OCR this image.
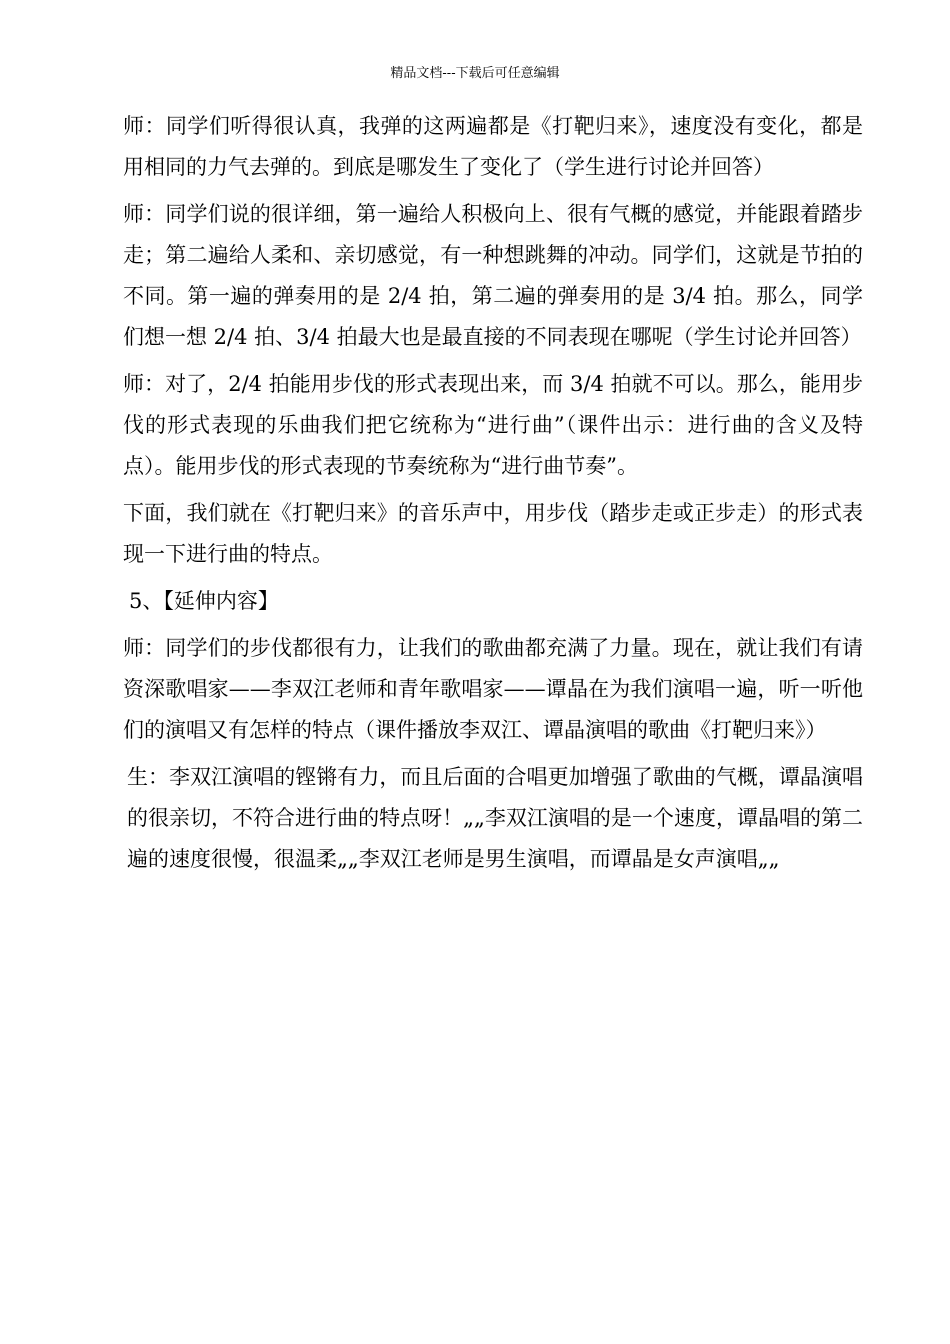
精品文档---下载后可任意编辑

师：同学们听得很认真，我弹的这两遍都是《打靶归来》，速度没有变化，都是用相同的力气去弹的。到底是哪发生了变化了（学生进行讨论并回答）

师：同学们说的很详细，第一遍给人积极向上、很有气概的感觉，并能跟着踏步走；第二遍给人柔和、亲切感觉，有一种想跳舞的冲动。同学们，这就是节拍的不同。第一遍的弹奏用的是 2/4 拍，第二遍的弹奏用的是 3/4 拍。那么，同学们想一想 2/4 拍、3/4 拍最大也是最直接的不同表现在哪呢（学生讨论并回答）

师：对了，2/4 拍能用步伐的形式表现出来，而 3/4 拍就不可以。那么，能用步伐的形式表现的乐曲我们把它统称为“进行曲”（课件出示：进行曲的含义及特点）。能用步伐的形式表现的节奏统称为“进行曲节奏”。

下面，我们就在《打靶归来》的音乐声中，用步伐（踏步走或正步走）的形式表现一下进行曲的特点。

5、【延伸内容】

师：同学们的步伐都很有力，让我们的歌曲都充满了力量。现在，就让我们有请资深歌唱家——李双江老师和青年歌唱家——谭晶在为我们演唱一遍，听一听他们的演唱又有怎样的特点（课件播放李双江、谭晶演唱的歌曲《打靶归来》）

生：李双江演唱的铿锵有力，而且后面的合唱更加增强了歌曲的气概，谭晶演唱的很亲切，不符合进行曲的特点呀！„„李双江演唱的是一个速度，谭晶唱的第二遍的速度很慢，很温柔„„李双江老师是男生演唱，而谭晶是女声演唱„„
